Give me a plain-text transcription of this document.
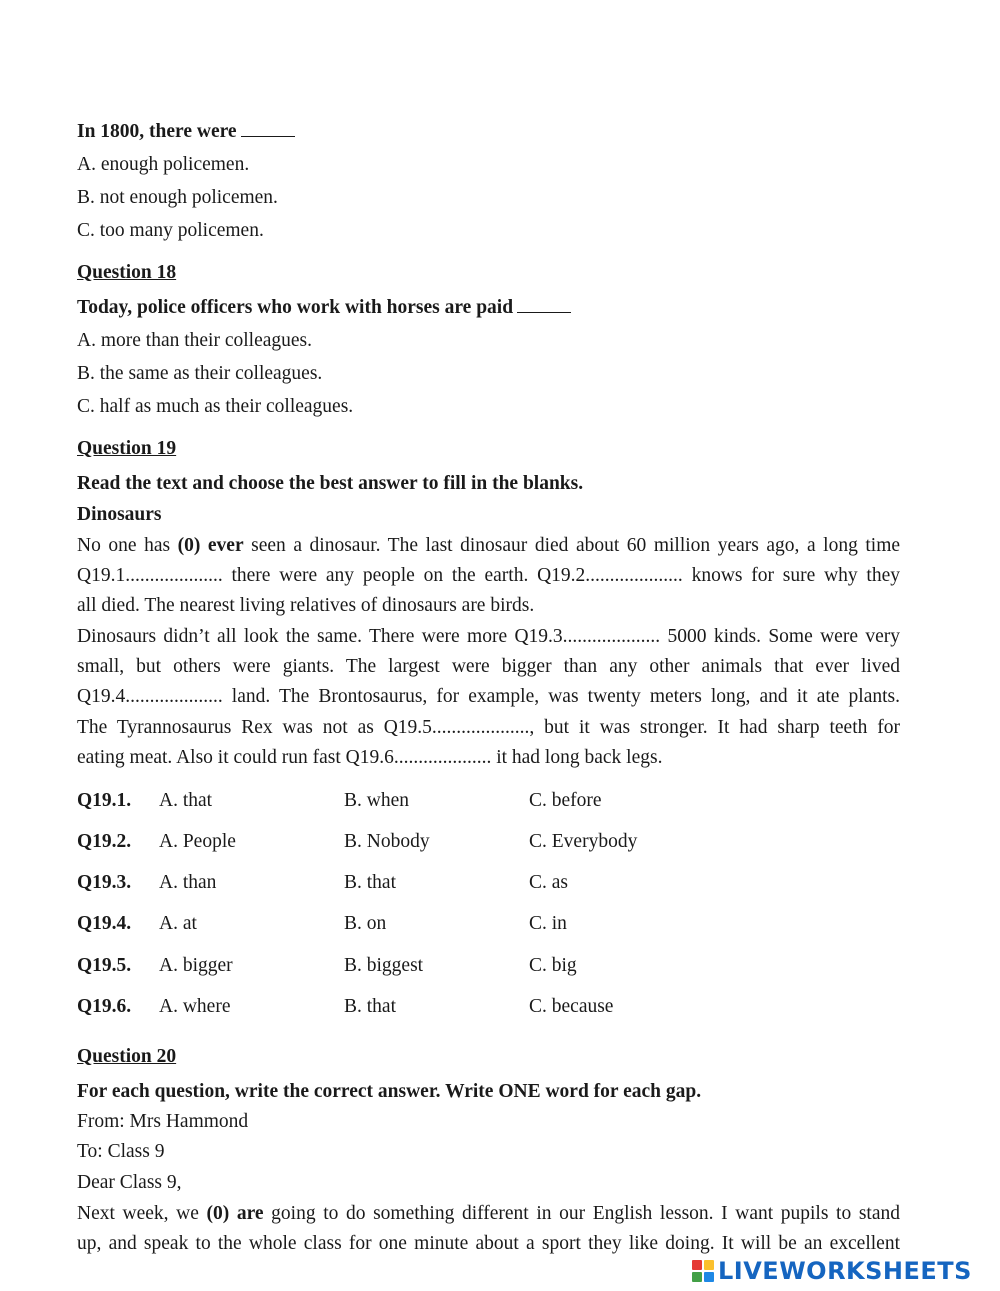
In 1800, there were
A. enough policemen.
B. not enough policemen.
C. too many policemen.
Question 18
Today, police officers who work with horses are paid
A. more than their colleagues.
B. the same as their colleagues.
C. half as much as their colleagues.
Question 19
Read the text and choose the best answer to fill in the blanks.
Dinosaurs
No one has (0) ever seen a dinosaur. The last dinosaur died about 60 million years ago, a long time
Q19.1.................... there were any people on the earth. Q19.2.................... knows for sure why they
all died. The nearest living relatives of dinosaurs are birds.
Dinosaurs didn’t all look the same. There were more Q19.3.................... 5000 kinds. Some were very
small, but others were giants. The largest were bigger than any other animals that ever lived
Q19.4.................... land. The Brontosaurus, for example, was twenty meters long, and it ate plants.
The Tyrannosaurus Rex was not as Q19.5...................., but it was stronger. It had sharp teeth for
eating meat. Also it could run fast Q19.6.................... it had long back legs.
Q19.1. A. that	B. when	C. before
Q19.2. A. People	B. Nobody	C. Everybody
Q19.3. A. than	B. that	C. as
Q19.4. A. at	B. on	C. in
Q19.5. A. bigger	B. biggest	C. big
Q19.6. A. where	B. that	C. because
Question 20
For each question, write the correct answer. Write ONE word for each gap.
From: Mrs Hammond
To: Class 9
Dear Class 9,
Next week, we (0) are going to do something different in our English lesson. I want pupils to stand
up, and speak to the whole class for one minute about a sport they like doing. It will be an excellent
LIVEWORKSHEETS
